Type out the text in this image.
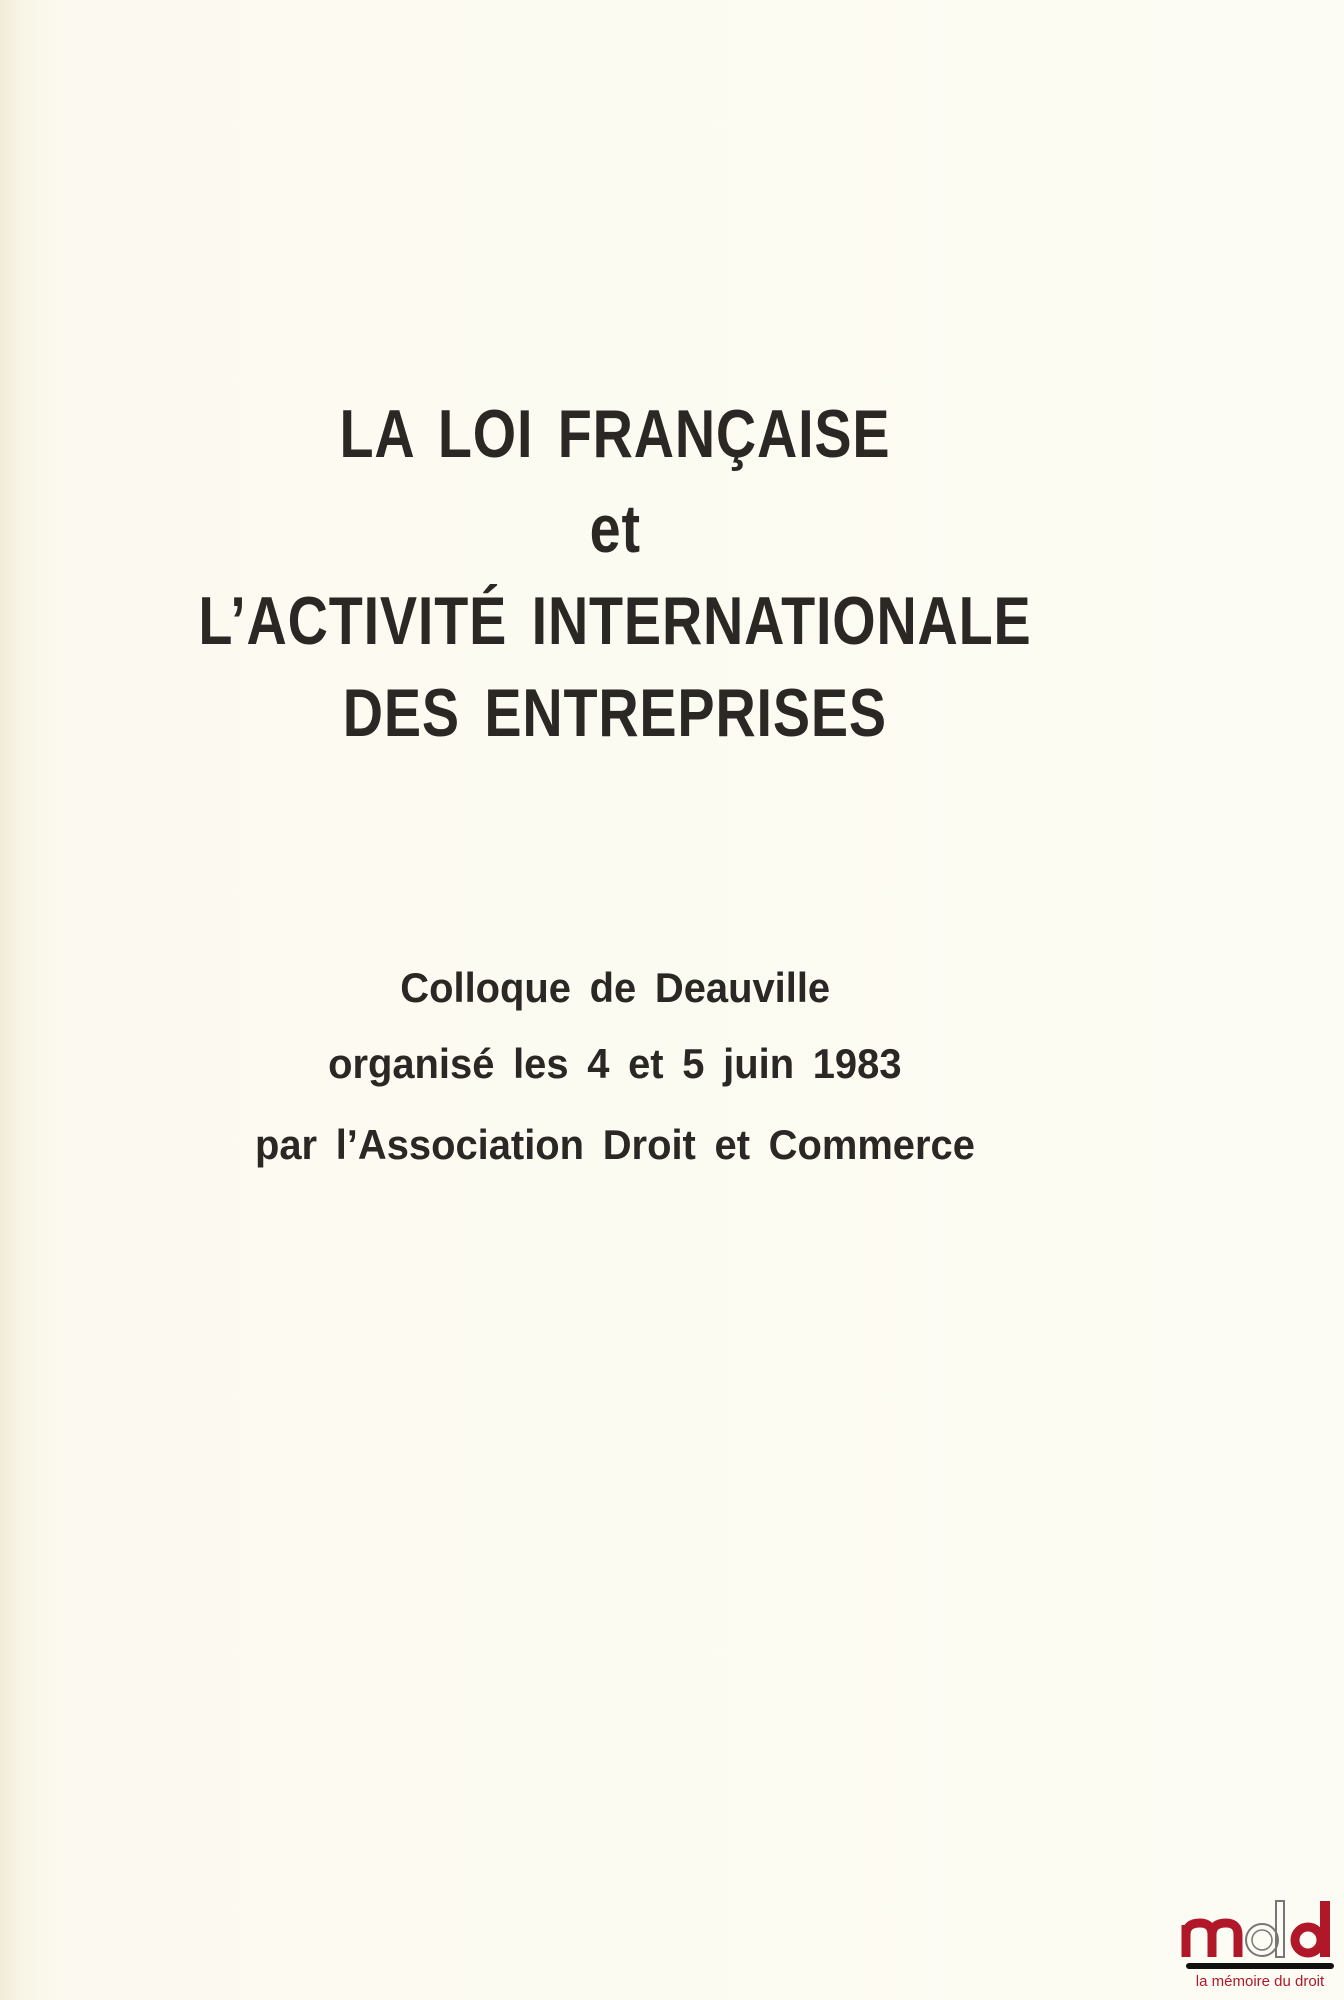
LA LOI FRANÇAISE
et
L’ACTIVITÉ INTERNATIONALE
DES ENTREPRISES
Colloque de Deauville
organisé les 4 et 5 juin 1983
par l’Association Droit et Commerce
la mémoire du droit
